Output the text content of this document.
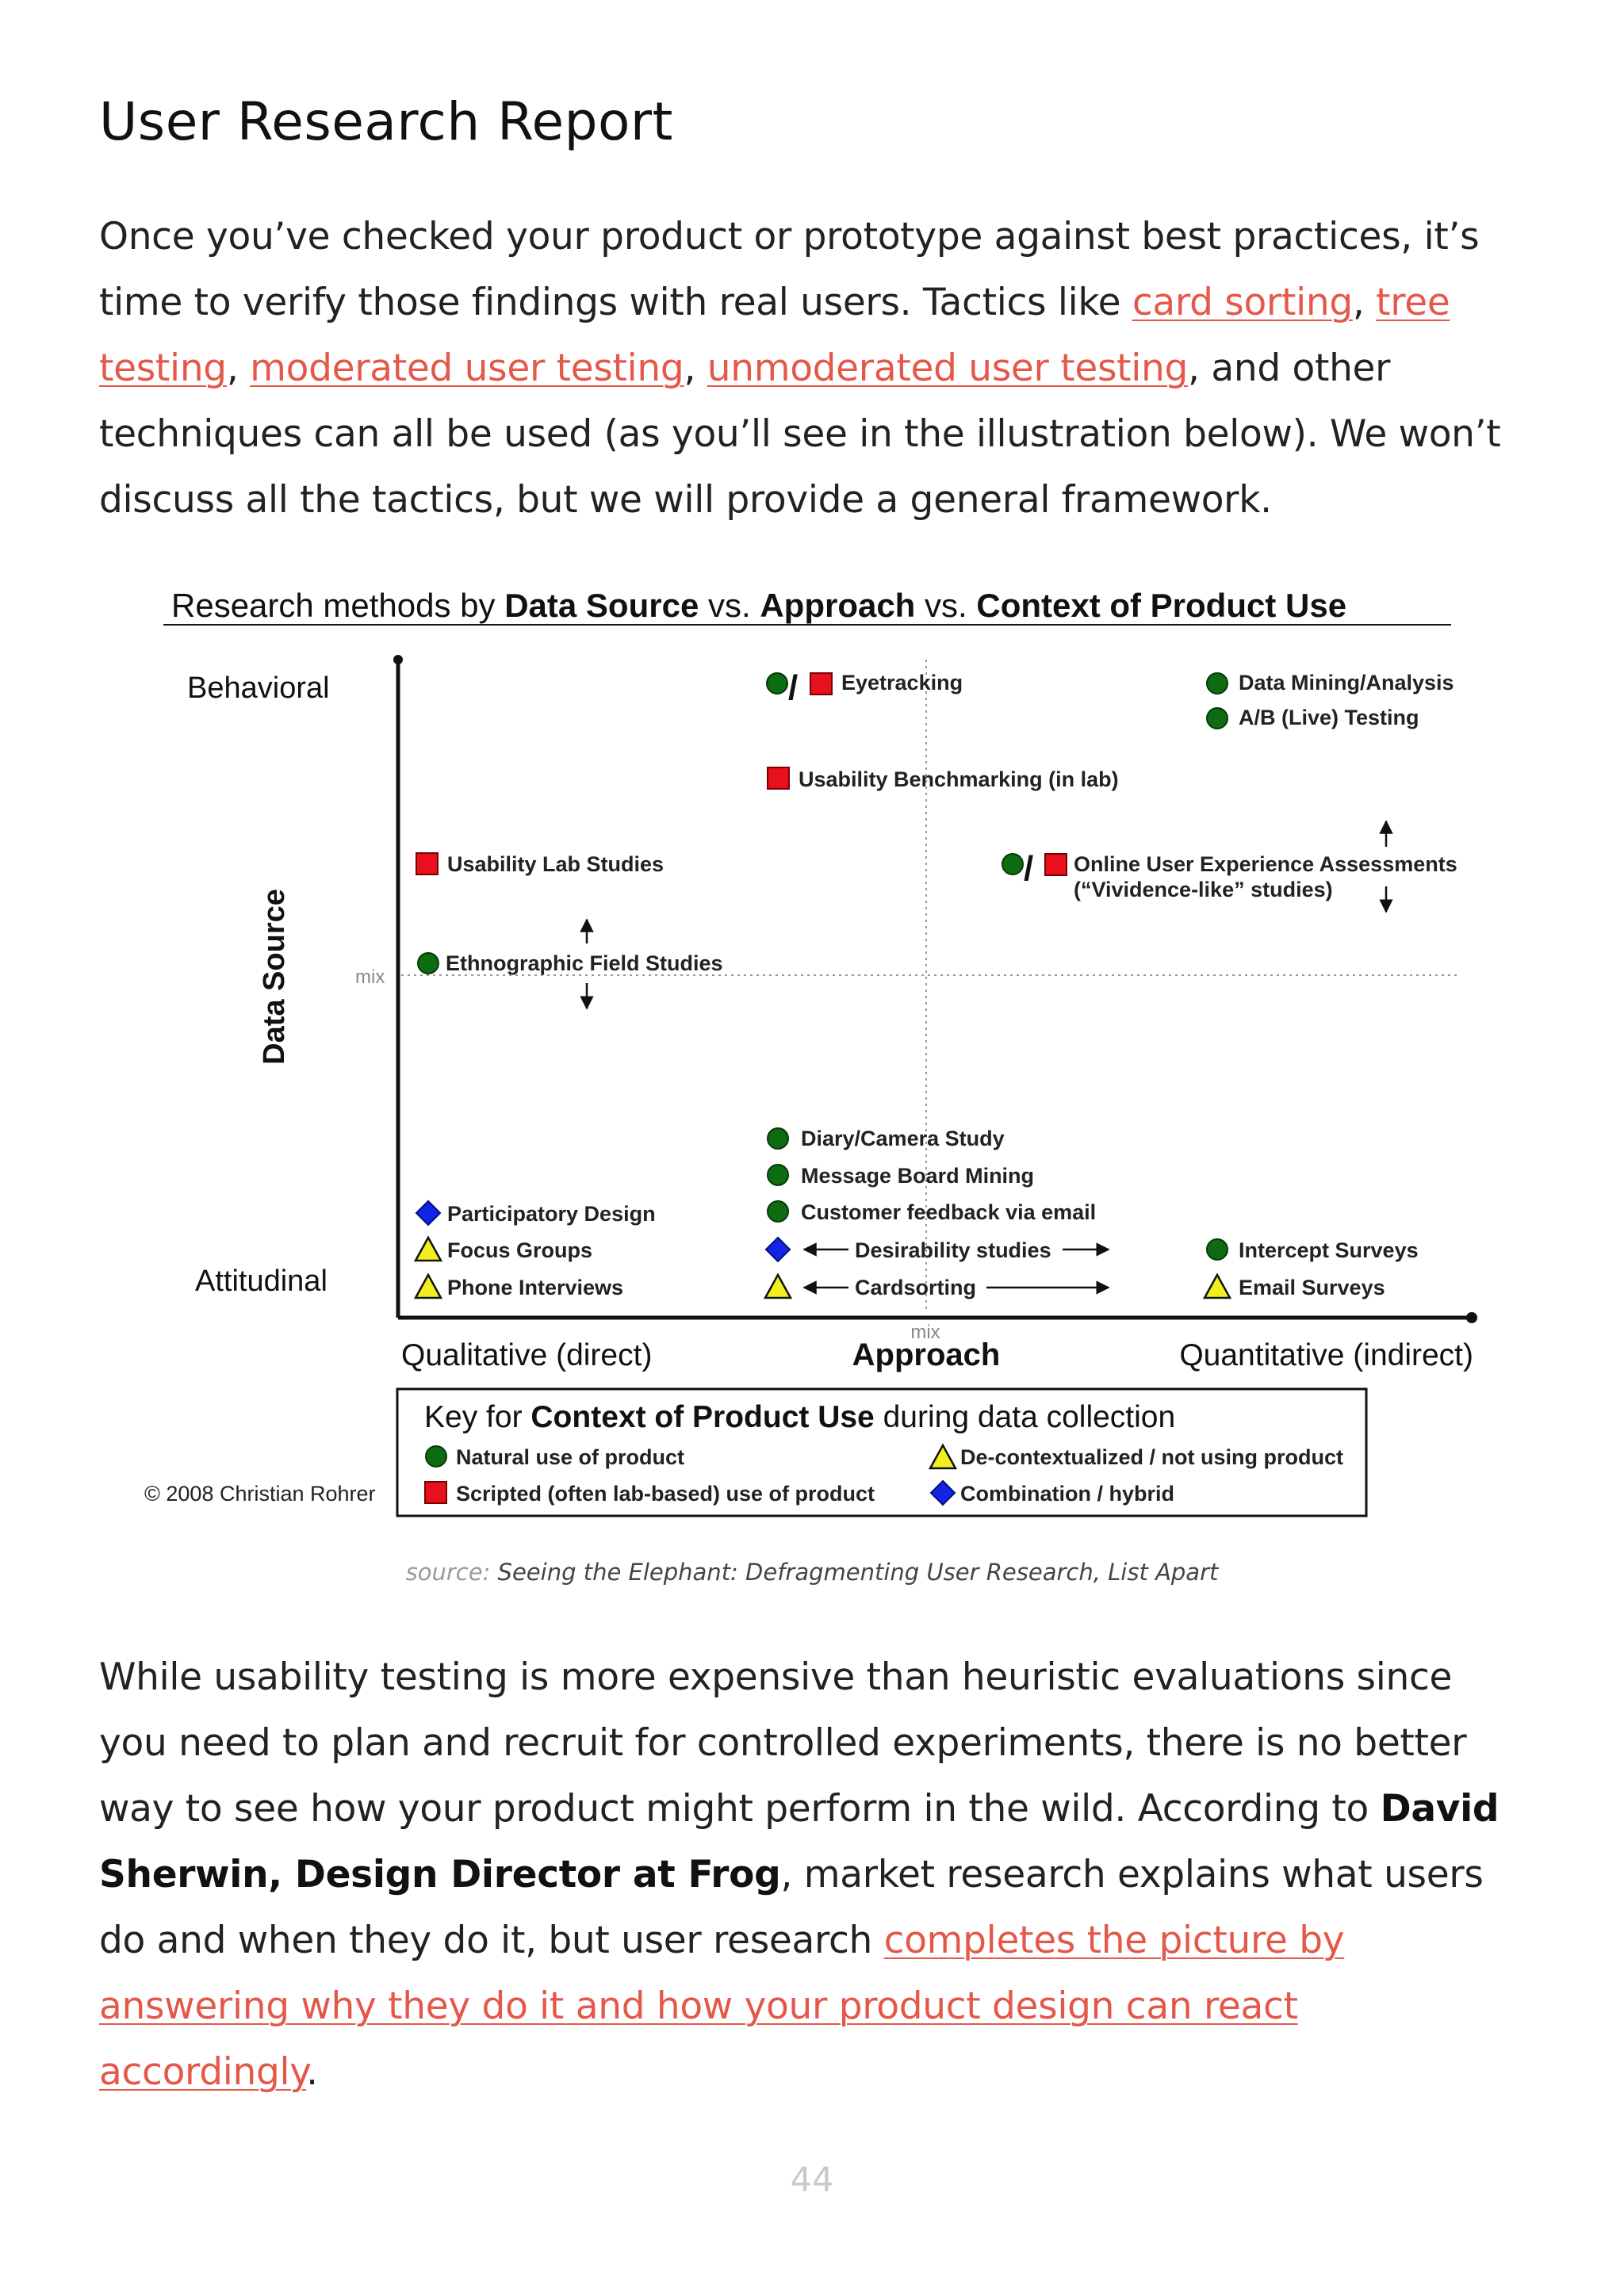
User Research Report

Once you’ve checked your product or prototype against best practices, it’s time to verify those findings with real users. Tactics like card sorting, tree testing, moderated user testing, unmoderated user testing, and other techniques can all be used (as you’ll see in the illustration below). We won’t discuss all the tactics, but we will provide a general framework.

Research methods by Data Source vs. Approach vs. Context of Product Use
Behavioral
Attitudinal
Data Source	mix
Qualitative (direct)	Approach
mix
Quantitative (indirect)
/ Eyetracking	Data Mining/Analysis
A/B (Live) Testing
Usability Benchmarking (in lab)
Usability Lab Studies	/ Online User Experience Assessments
(“Vividence-like” studies)
Ethnographic Field Studies
Diary/Camera Study
Message Board Mining
Customer feedback via email
Participatory Design
Desirability studies	Intercept Surveys
Focus Groups
Phone Interviews	Cardsorting	Email Surveys
Key for Context of Product Use during data collection
Natural use of product
Scripted (often lab-based) use of product
De-contextualized / not using product
Combination / hybrid
© 2008 Christian Rohrer
source: Seeing the Elephant: Defragmenting User Research, List Apart

While usability testing is more expensive than heuristic evaluations since you need to plan and recruit for controlled experiments, there is no better way to see how your product might perform in the wild. According to David Sherwin, Design Director at Frog, market research explains what users do and when they do it, but user research completes the picture by answering why they do it and how your product design can react accordingly.

44
